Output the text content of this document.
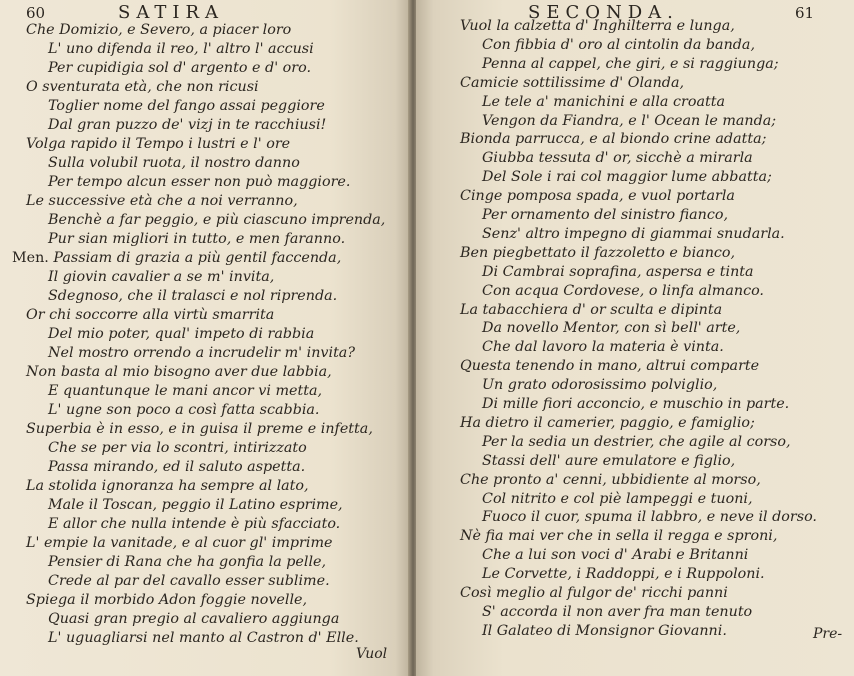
60	SATIRA
Che Domizio, e Severo, a piacer loro
L' uno difenda il reo, l' altro l' accusi
Per cupidigia sol d' argento e d' oro.
O sventurata età, che non ricusi
Toglier nome del fango assai peggiore
Dal gran puzzo de' vizj in te racchiusi!
Volga rapido il Tempo i lustri e l' ore
Sulla volubil ruota, il nostro danno
Per tempo alcun esser non può maggiore.
Le successive età che a noi verranno,
Benchè a far peggio, e più ciascuno imprenda,
Pur sian migliori in tutto, e men faranno.
Men. Passiam di grazia a più gentil faccenda,
Il giovin cavalier a se m' invita,
Sdegnoso, che il tralasci e nol riprenda.
Or chi soccorre alla virtù smarrita
Del mio poter, qual' impeto di rabbia
Nel mostro orrendo a incrudelir m' invita?
Non basta al mio bisogno aver due labbia,
E quantunque le mani ancor vi metta,
L' ugne son poco a così fatta scabbia.
Superbia è in esso, e in guisa il preme e infetta,
Che se per via lo scontri, intirizzato
Passa mirando, ed il saluto aspetta.
La stolida ignoranza ha sempre al lato,
Male il Toscan, peggio il Latino esprime,
E allor che nulla intende è più sfacciato.
L' empie la vanitade, e al cuor gl' imprime
Pensier di Rana che ha gonfia la pelle,
Crede al par del cavallo esser sublime.
Spiega il morbido Adon foggie novelle,
Quasi gran pregio al cavaliero aggiunga
L' uguagliarsi nel manto al Castron d' Elle.
Vuol
SECONDA.	61
Vuol la calzetta d' Inghilterra e lunga,
Con fibbia d' oro al cintolin da banda,
Penna al cappel, che giri, e si raggiunga;
Camicie sottilissime d' Olanda,
Le tele a' manichini e alla croatta
Vengon da Fiandra, e l' Ocean le manda;
Bionda parrucca, e al biondo crine adatta;
Giubba tessuta d' or, sicchè a mirarla
Del Sole i rai col maggior lume abbatta;
Cinge pomposa spada, e vuol portarla
Per ornamento del sinistro fianco,
Senz' altro impegno di giammai snudarla.
Ben piegbettato il fazzoletto e bianco,
Di Cambrai soprafina, aspersa e tinta
Con acqua Cordovese, o linfa almanco.
La tabacchiera d' or sculta e dipinta
Da novello Mentor, con sì bell' arte,
Che dal lavoro la materia è vinta.
Questa tenendo in mano, altrui comparte
Un grato odorosissimo polviglio,
Di mille fiori acconcio, e muschio in parte.
Ha dietro il camerier, paggio, e famiglio;
Per la sedia un destrier, che agile al corso,
Stassi dell' aure emulatore e figlio,
Che pronto a' cenni, ubbidiente al morso,
Col nitrito e col piè lampeggi e tuoni,
Fuoco il cuor, spuma il labbro, e neve il dorso.
Nè fia mai ver che in sella il regga e sproni,
Che a lui son voci d' Arabi e Britanni
Le Corvette, i Raddoppi, e i Ruppoloni.
Così meglio al fulgor de' ricchi panni
S' accorda il non aver fra man tenuto
Il Galateo di Monsignor Giovanni.	Pre-
